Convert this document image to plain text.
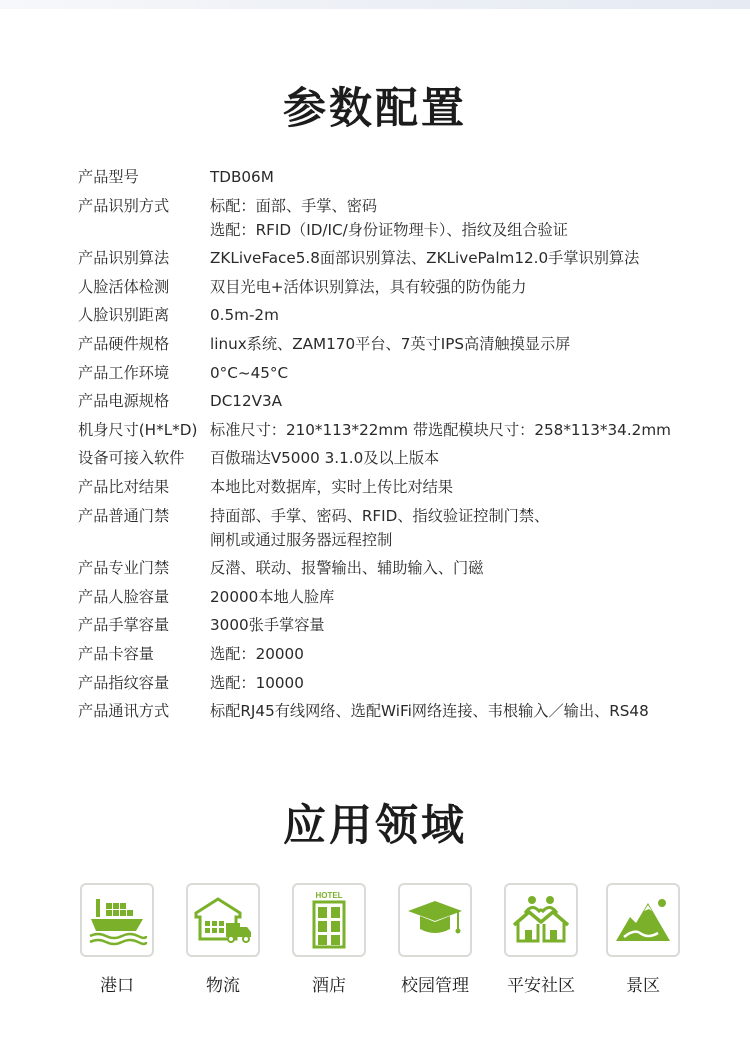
参数配置
产品型号	TDB06M
产品识别方式	标配：面部、手掌、密码
选配：RFID（ID/IC/身份证物理卡）、指纹及组合验证
产品识别算法	ZKLiveFace5.8面部识别算法、ZKLivePalm12.0手掌识别算法
人脸活体检测	双目光电+活体识别算法，具有较强的防伪能力
人脸识别距离	0.5m-2m
产品硬件规格	linux系统、ZAM170平台、7英寸IPS高清触摸显示屏
产品工作环境	0°C~45°C
产品电源规格	DC12V3A
机身尺寸(H*L*D) 标准尺寸：210*113*22mm 带选配模块尺寸：258*113*34.2mm
设备可接入软件	百傲瑞达V5000 3.1.0及以上版本
产品比对结果	本地比对数据库，实时上传比对结果
产品普通门禁	持面部、手掌、密码、RFID、指纹验证控制门禁、
闸机或通过服务器远程控制
产品专业门禁	反潜、联动、报警输出、辅助输入、门磁
产品人脸容量	20000本地人脸库
产品手掌容量	3000张手掌容量
产品卡容量	选配：20000
产品指纹容量	选配：10000
产品通讯方式	标配RJ45有线网络、选配WiFi网络连接、韦根输入／输出、RS48
应用领域
港口	物流
HOTEL
酒店	校园管理	平安社区	景区
